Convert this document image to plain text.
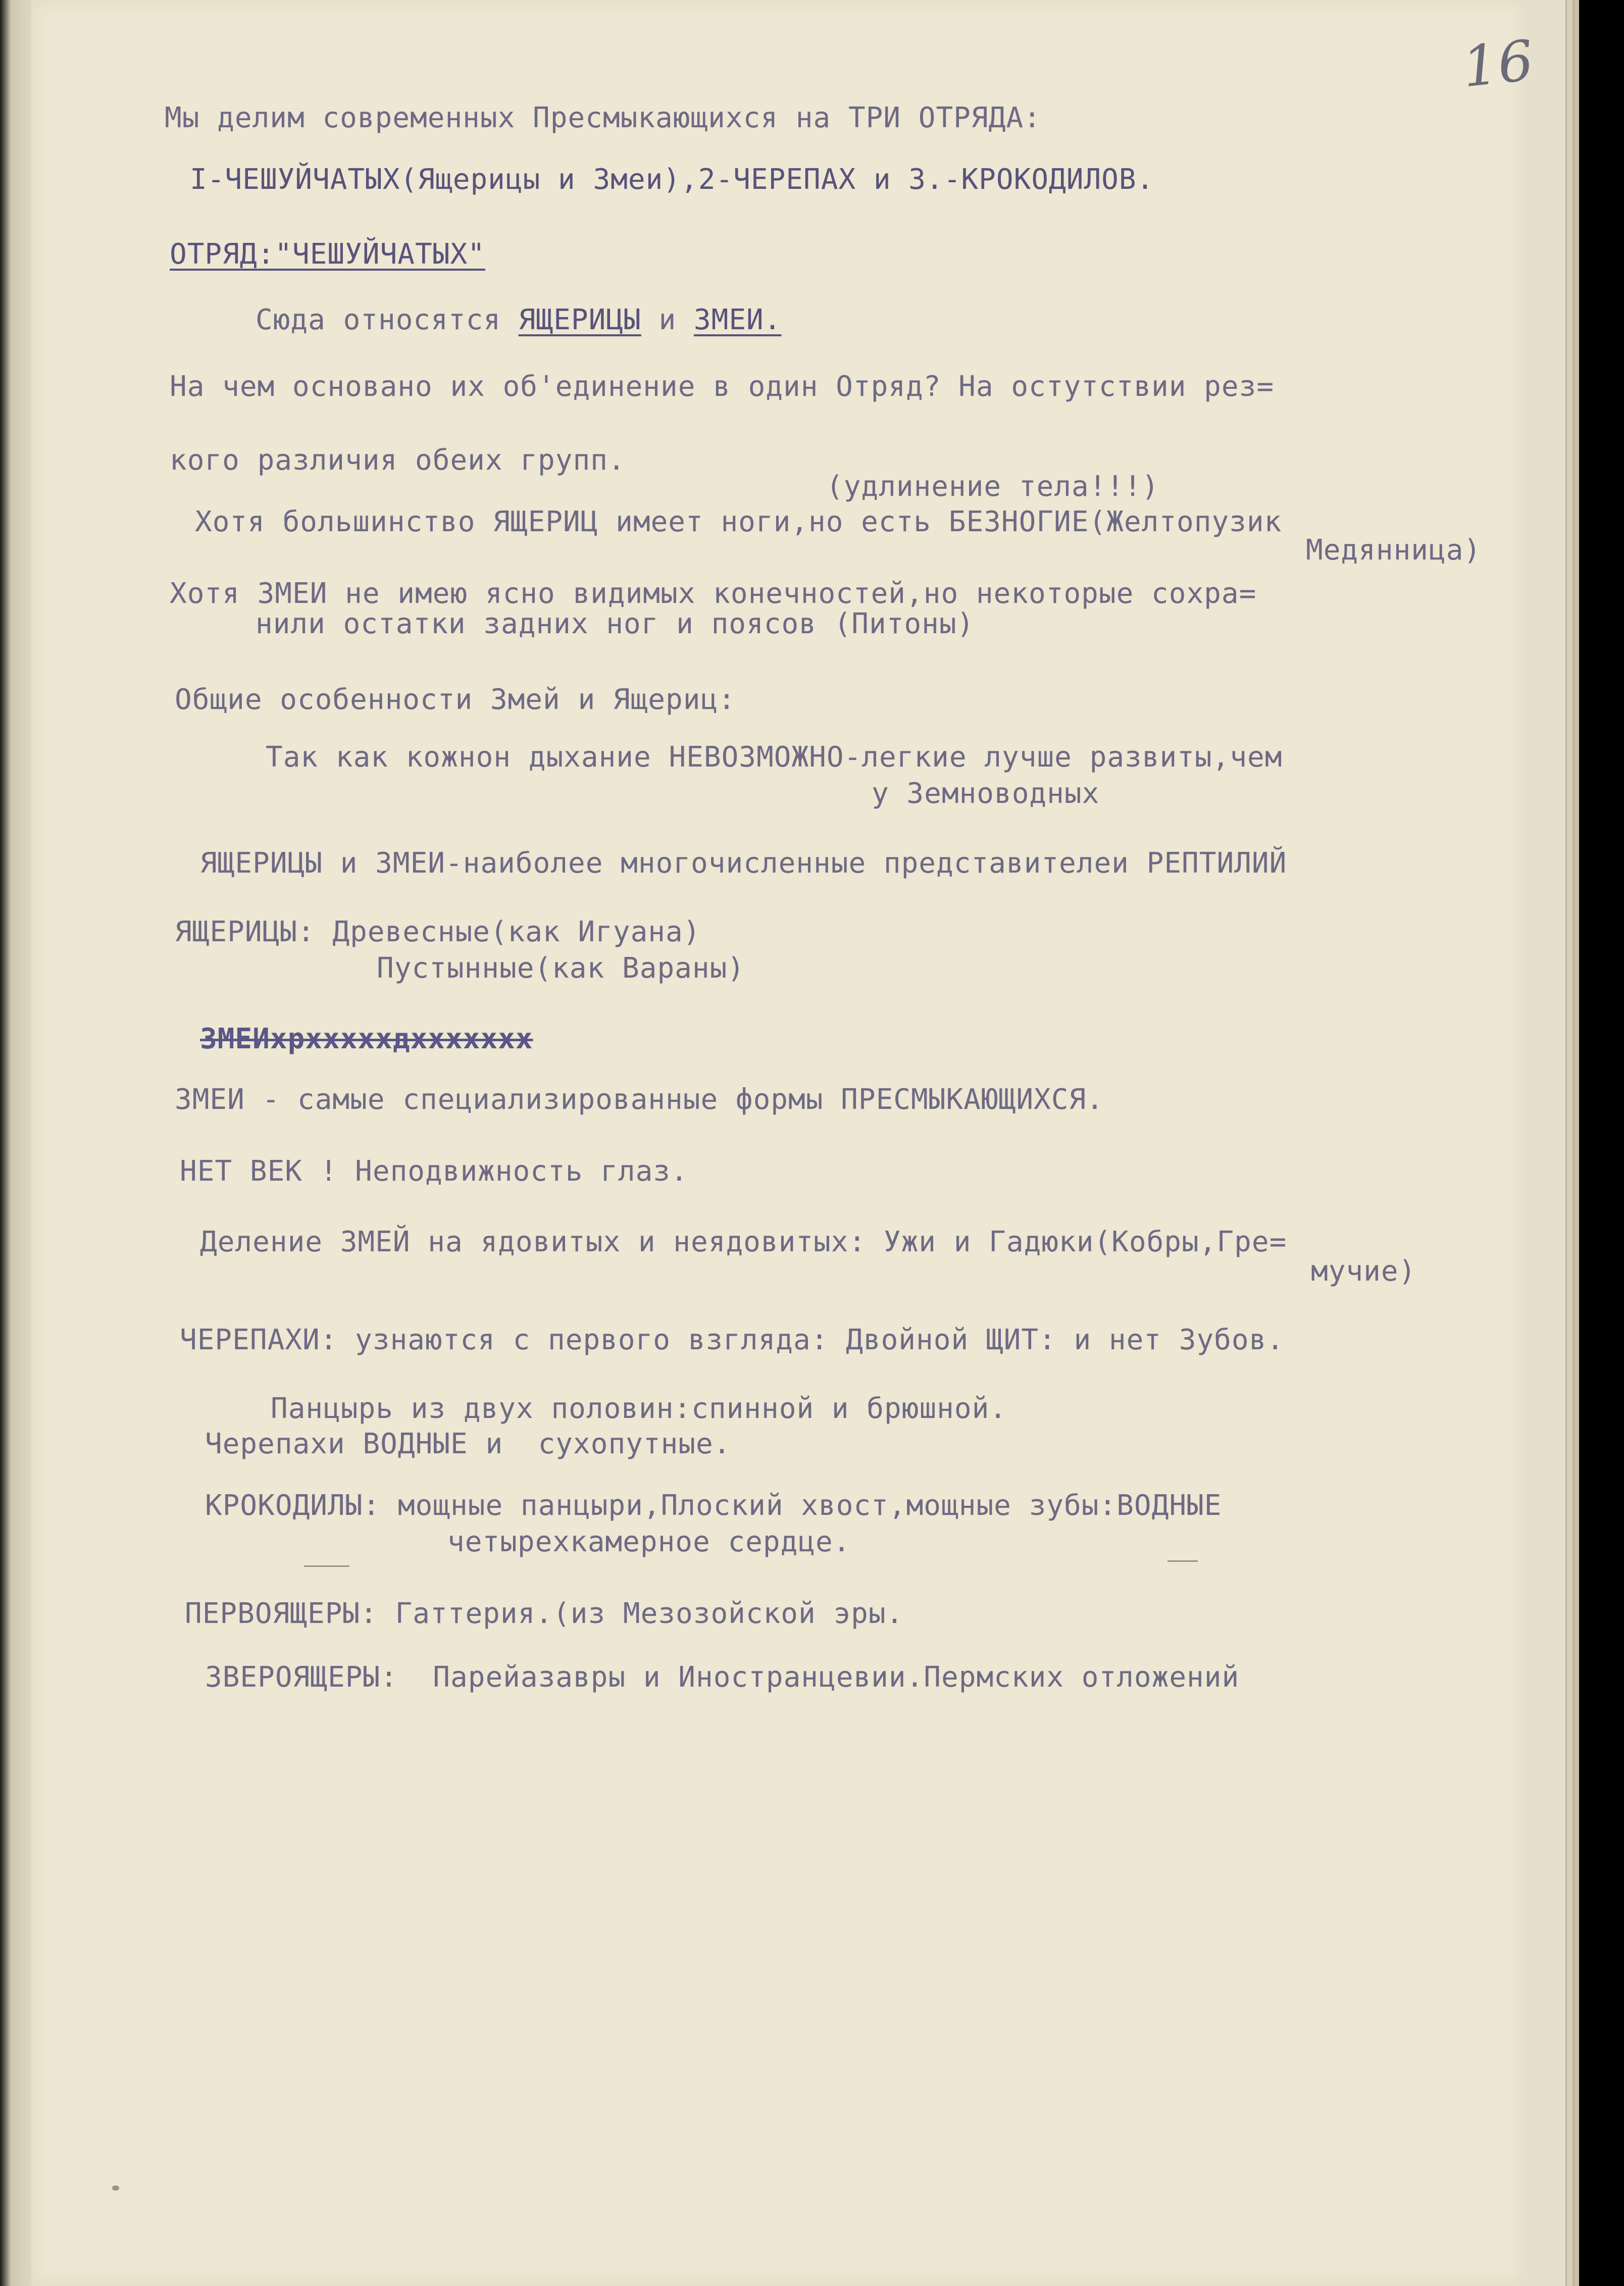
16
Мы делим современных Пресмыкающихся на ТРИ ОТРЯДА:
I-ЧЕШУЙЧАТЫХ(Ящерицы и Змеи),2-ЧЕРЕПАХ и 3.-КРОКОДИЛОВ.
ОТРЯД:"ЧЕШУЙЧАТЫХ"
Сюда относятся ЯЩЕРИЦЫ и ЗМЕИ.
На чем основано их об'единение в один Отряд? На остутствии рез=
кого различия обеих групп.
(удлинение тела!!!)
Хотя большинство ЯЩЕРИЦ имеет ноги,но есть БЕЗНОГИЕ(Желтопузик
Медянница)
Хотя ЗМЕИ не имею ясно видимых конечностей,но некоторые сохра=
нили остатки задних ног и поясов (Питоны)
Общие особенности Змей и Ящериц:
Так как кожнон дыхание НЕВОЗМОЖНО-легкие лучше развиты,чем
у Земноводных
ЯЩЕРИЦЫ и ЗМЕИ-наиболее многочисленные представителеи РЕПТИЛИЙ
ЯЩЕРИЦЫ: Древесные(как Игуана)
Пустынные(как Вараны)
ЗМЕИхрхххххдххххххх
ЗМЕИ - самые специализированные формы ПРЕСМЫКАЮЩИХСЯ.
НЕТ ВЕК ! Неподвижность глаз.
Деление ЗМЕЙ на ядовитых и неядовитых: Ужи и Гадюки(Кобры,Гре=
мучие)
ЧЕРЕПАХИ: узнаются с первого взгляда: Двойной ЩИТ: и нет Зубов.
Панцырь из двух половин:спинной и брюшной.
Черепахи ВОДНЫЕ и  сухопутные.
КРОКОДИЛЫ: мощные панцыри,Плоский хвост,мощные зубы:ВОДНЫЕ
четырехкамерное сердце.
ПЕРВОЯЩЕРЫ: Гаттерия.(из Мезозойской эры.
ЗВЕРОЯЩЕРЫ:  Парейазавры и Иностранцевии.Пермских отложений
